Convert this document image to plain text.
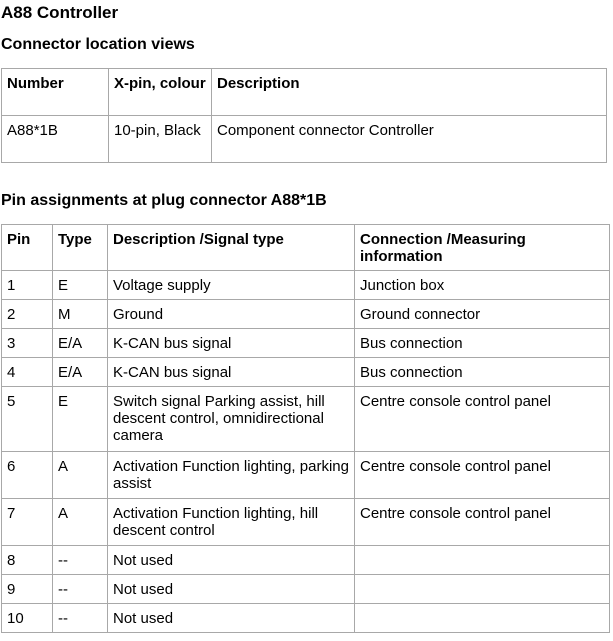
A88 Controller
Connector location views
Number	X-pin, colour	Description
A88*1B	10-pin, Black	Component connector Controller
Pin assignments at plug connector A88*1B
Pin	Type	Description /Signal type	Connection /Measuring information
1	E	Voltage supply	Junction box
2	M	Ground	Ground connector
3	E/A	K-CAN bus signal	Bus connection
4	E/A	K-CAN bus signal	Bus connection
5	E	Switch signal Parking assist, hill descent control, omnidirectional camera	Centre console control panel
6	A	Activation Function lighting, parking assist	Centre console control panel
7	A	Activation Function lighting, hill descent control	Centre console control panel
8	--	Not used	
9	--	Not used	
10	--	Not used	
